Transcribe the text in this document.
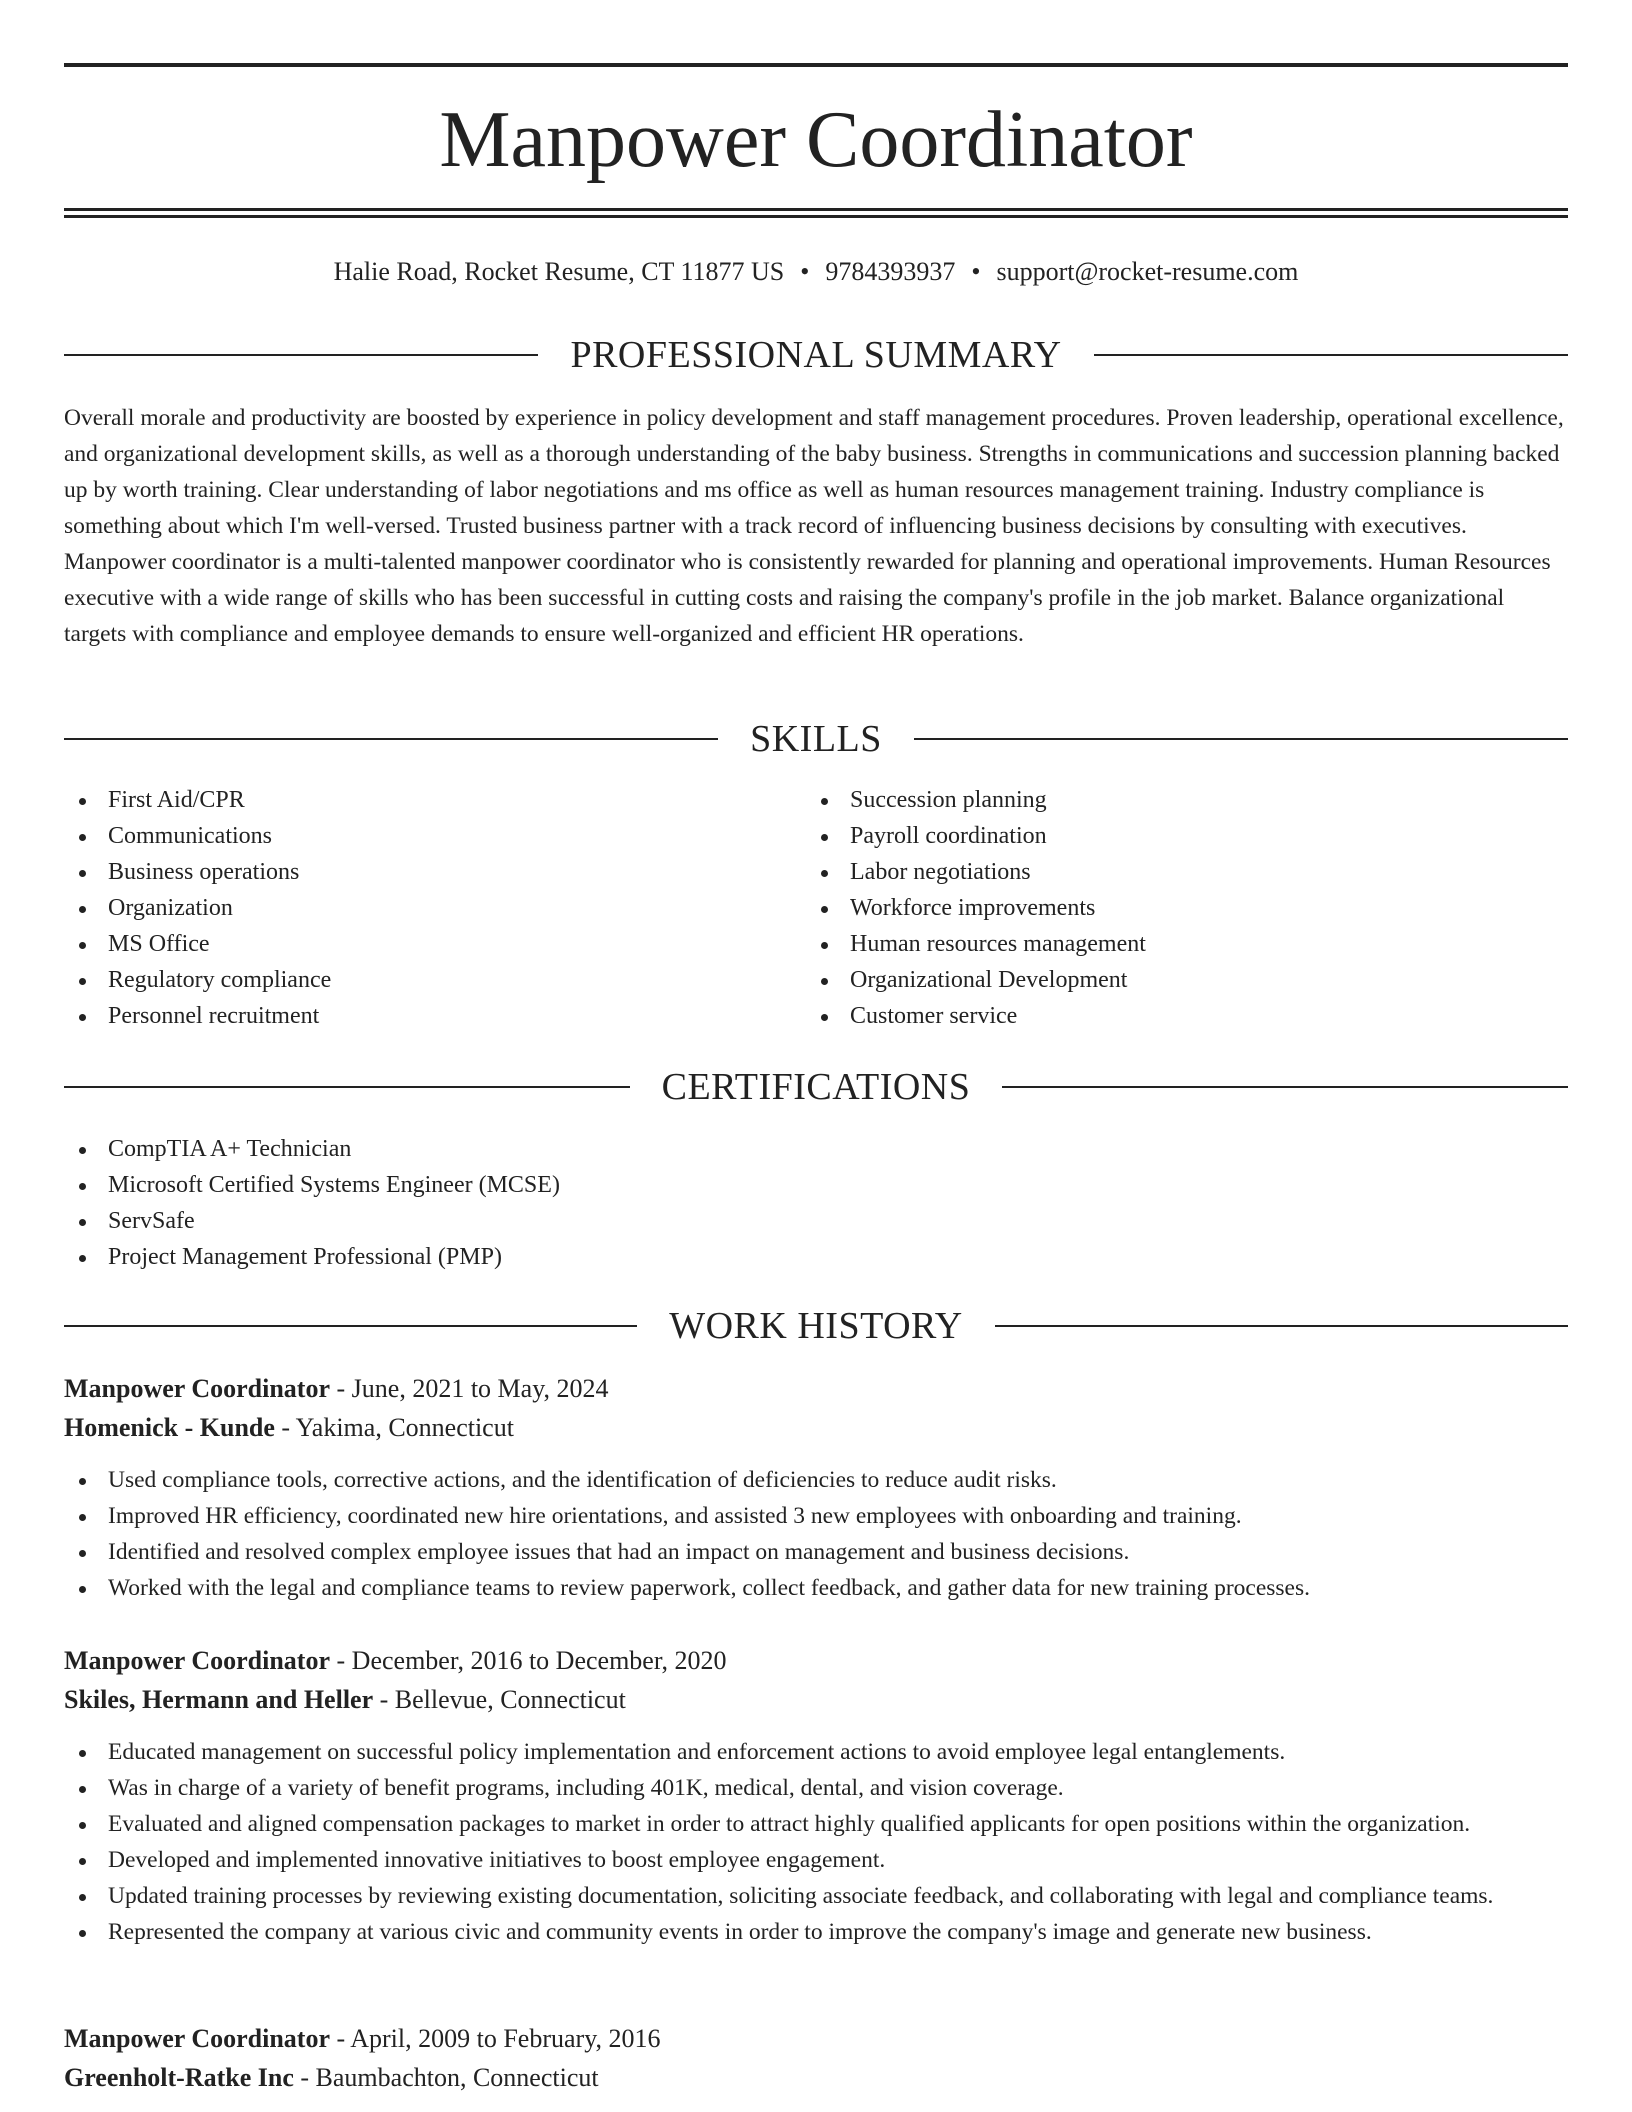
Manpower Coordinator
Halie Road, Rocket Resume, CT 11877 US • 9784393937 • support@rocket-resume.com
PROFESSIONAL SUMMARY

Overall morale and productivity are boosted by experience in policy development and staff management procedures. Proven leadership, operational excellence, and organizational development skills, as well as a thorough understanding of the baby business. Strengths in communications and succession planning backed up by worth training. Clear understanding of labor negotiations and ms office as well as human resources management training. Industry compliance is something about which I'm well-versed. Trusted business partner with a track record of influencing business decisions by consulting with executives. Manpower coordinator is a multi-talented manpower coordinator who is consistently rewarded for planning and operational improvements. Human Resources executive with a wide range of skills who has been successful in cutting costs and raising the company's profile in the job market. Balance organizational targets with compliance and employee demands to ensure well-organized and efficient HR operations.

SKILLS
First Aid/CPR
Communications
Business operations
Organization
MS Office
Regulatory compliance
Personnel recruitment
Succession planning
Payroll coordination
Labor negotiations
Workforce improvements
Human resources management
Organizational Development
Customer service
CERTIFICATIONS
CompTIA A+ Technician
Microsoft Certified Systems Engineer (MCSE)
ServSafe
Project Management Professional (PMP)
WORK HISTORY
Manpower Coordinator - June, 2021 to May, 2024
Homenick - Kunde - Yakima, Connecticut
Used compliance tools, corrective actions, and the identification of deficiencies to reduce audit risks.
Improved HR efficiency, coordinated new hire orientations, and assisted 3 new employees with onboarding and training.
Identified and resolved complex employee issues that had an impact on management and business decisions.
Worked with the legal and compliance teams to review paperwork, collect feedback, and gather data for new training processes.
Manpower Coordinator - December, 2016 to December, 2020
Skiles, Hermann and Heller - Bellevue, Connecticut
Educated management on successful policy implementation and enforcement actions to avoid employee legal entanglements.
Was in charge of a variety of benefit programs, including 401K, medical, dental, and vision coverage.
Evaluated and aligned compensation packages to market in order to attract highly qualified applicants for open positions within the organization.
Developed and implemented innovative initiatives to boost employee engagement.
Updated training processes by reviewing existing documentation, soliciting associate feedback, and collaborating with legal and compliance teams.
Represented the company at various civic and community events in order to improve the company's image and generate new business.
Manpower Coordinator - April, 2009 to February, 2016
Greenholt-Ratke Inc - Baumbachton, Connecticut
